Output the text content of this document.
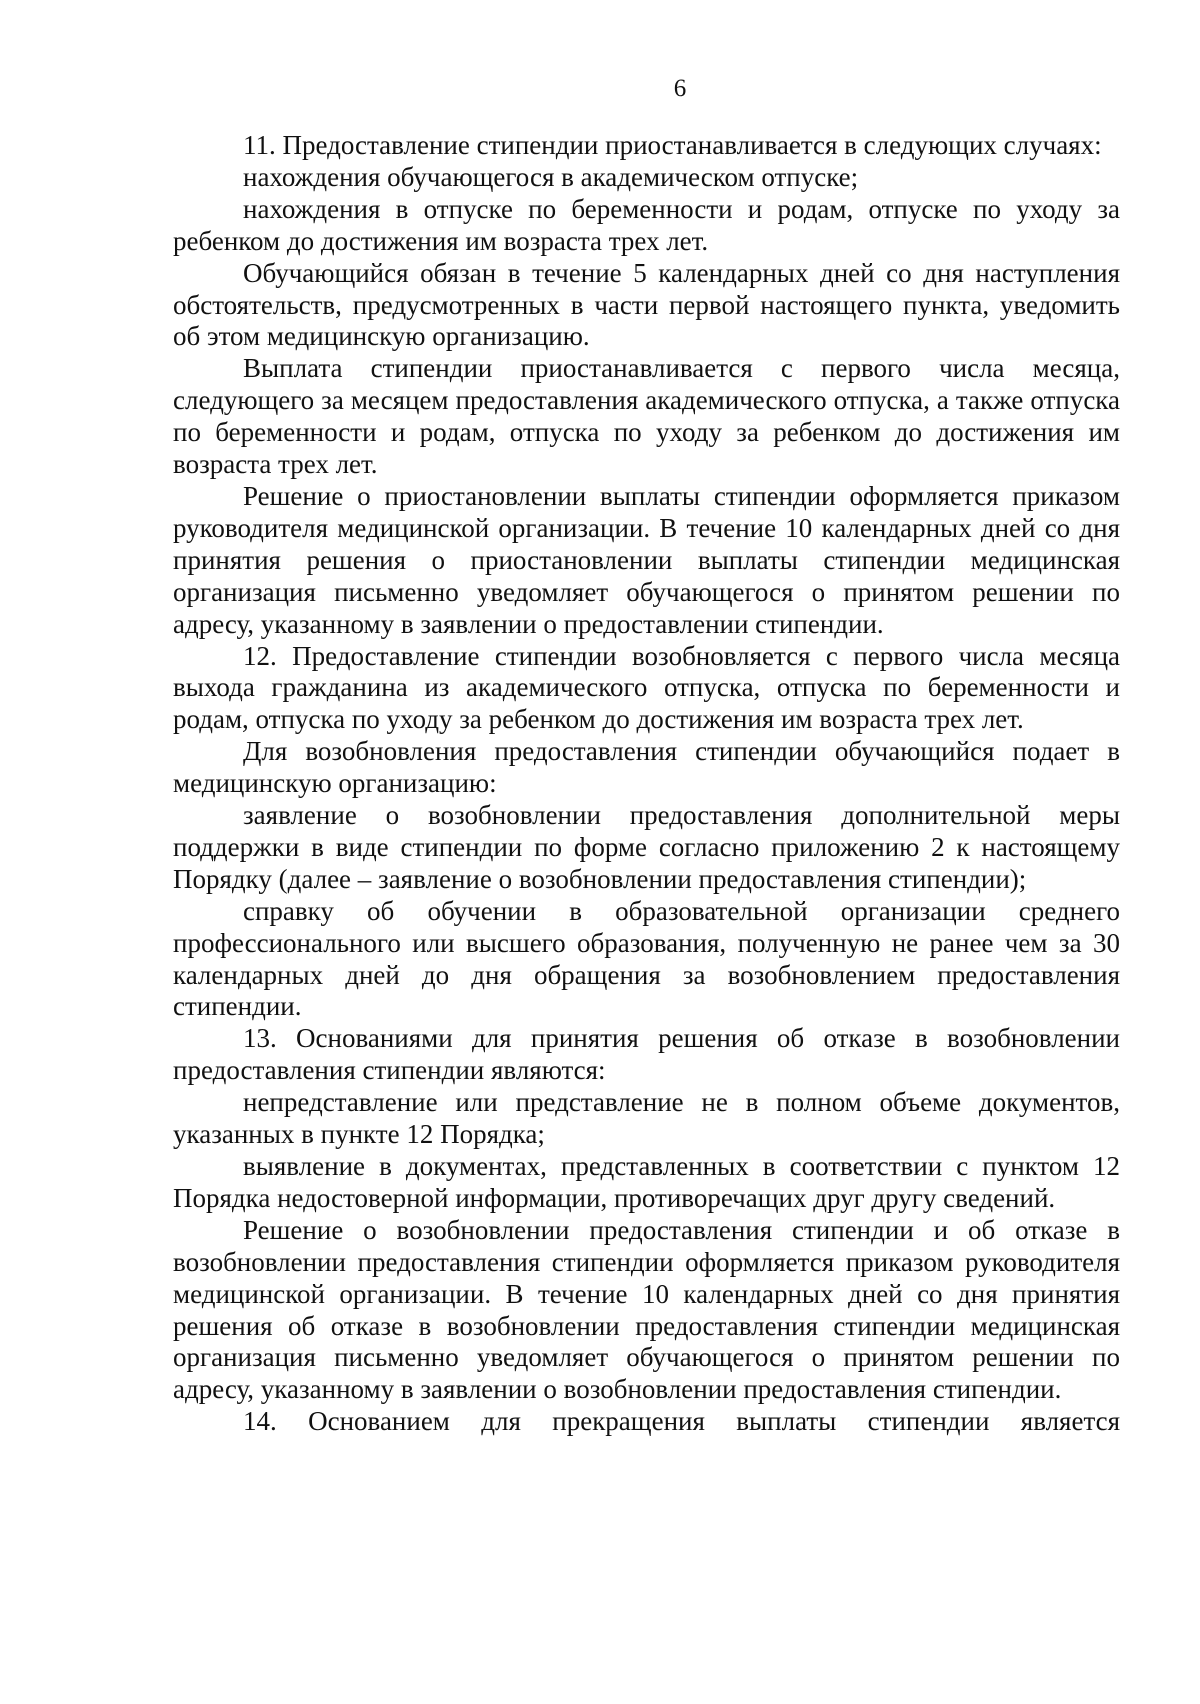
6

11. Предоставление стипендии приостанавливается в следующих случаях:

нахождения обучающегося в академическом отпуске;

нахождения в отпуске по беременности и родам, отпуске по уходу за ребенком до достижения им возраста трех лет.

Обучающийся обязан в течение 5 календарных дней со дня наступления обстоятельств, предусмотренных в части первой настоящего пункта, уведомить об этом медицинскую организацию.

Выплата стипендии приостанавливается с первого числа месяца, следующего за месяцем предоставления академического отпуска, а также отпуска по беременности и родам, отпуска по уходу за ребенком до достижения им возраста трех лет.

Решение о приостановлении выплаты стипендии оформляется приказом руководителя медицинской организации. В течение 10 календарных дней со дня принятия решения о приостановлении выплаты стипендии медицинская организация письменно уведомляет обучающегося о принятом решении по адресу, указанному в заявлении о предоставлении стипендии.

12. Предоставление стипендии возобновляется с первого числа месяца выхода гражданина из академического отпуска, отпуска по беременности и родам, отпуска по уходу за ребенком до достижения им возраста трех лет.

Для возобновления предоставления стипендии обучающийся подает в медицинскую организацию:

заявление о возобновлении предоставления дополнительной меры поддержки в виде стипендии по форме согласно приложению 2 к настоящему Порядку (далее – заявление о возобновлении предоставления стипендии);

справку об обучении в образовательной организации среднего профессионального или высшего образования, полученную не ранее чем за 30 календарных дней до дня обращения за возобновлением предоставления стипендии.

13. Основаниями для принятия решения об отказе в возобновлении предоставления стипендии являются:

непредставление или представление не в полном объеме документов, указанных в пункте 12 Порядка;

выявление в документах, представленных в соответствии с пунктом 12 Порядка недостоверной информации, противоречащих друг другу сведений.

Решение о возобновлении предоставления стипендии и об отказе в возобновлении предоставления стипендии оформляется приказом руководителя медицинской организации. В течение 10 календарных дней со дня принятия решения об отказе в возобновлении предоставления стипендии медицинская организация письменно уведомляет обучающегося о принятом решении по адресу, указанному в заявлении о возобновлении предоставления стипендии.

14. Основанием для прекращения выплаты стипендии является
